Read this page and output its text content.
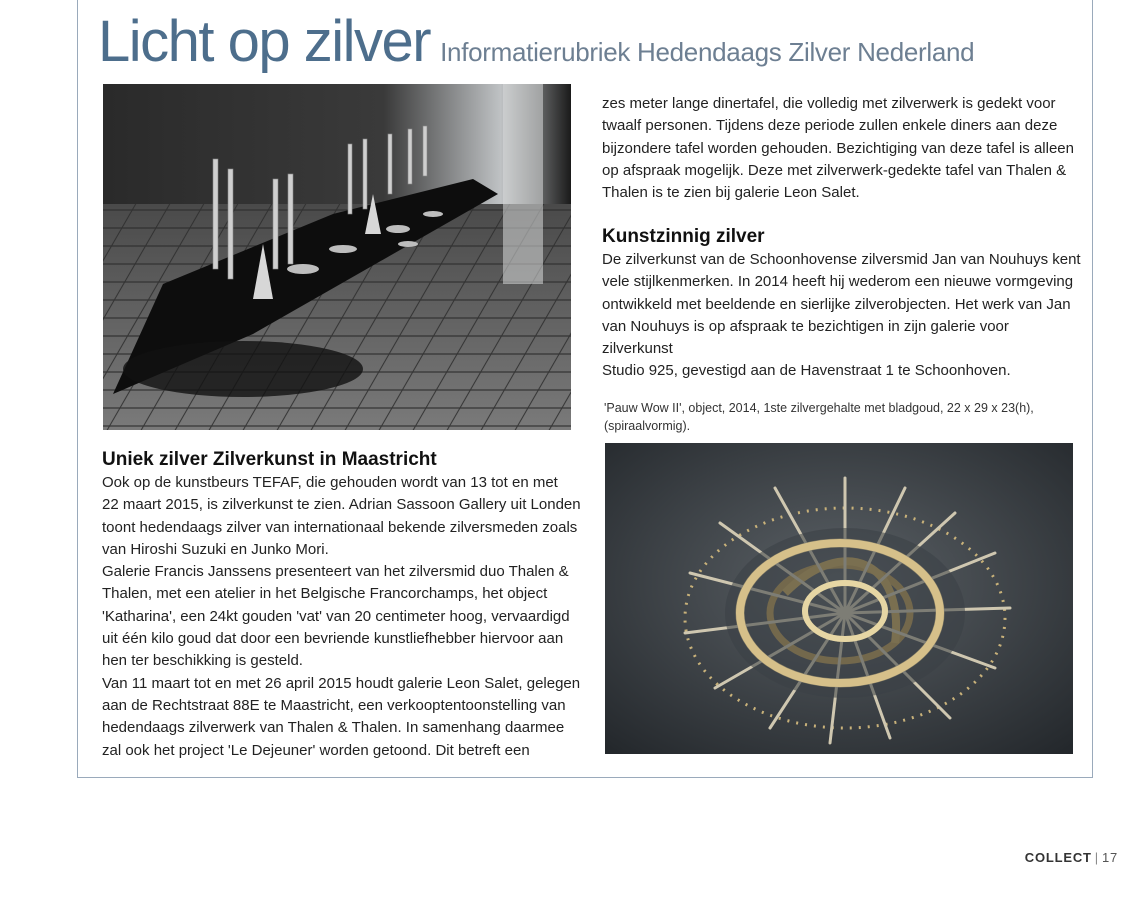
Licht op zilver Informatierubriek Hedendaags Zilver Nederland

zes meter lange dinertafel, die volledig met zilverwerk is gedekt voor
twaalf personen. Tijdens deze periode zullen enkele diners aan deze
bijzondere tafel worden gehouden. Bezichtiging van deze tafel is alleen
op afspraak mogelijk. Deze met zilverwerk-gedekte tafel van Thalen &
Thalen is te zien bij galerie Leon Salet.

Kunstzinnig zilver

De zilverkunst van de Schoonhovense zilversmid Jan van Nouhuys kent
vele stijlkenmerken. In 2014 heeft hij wederom een nieuwe vormgeving
ontwikkeld met beeldende en sierlijke zilverobjecten. Het werk van Jan
van Nouhuys is op afspraak te bezichtigen in zijn galerie voor zilverkunst
Studio 925, gevestigd aan de Havenstraat 1 te Schoonhoven.

'Pauw Wow II', object, 2014, 1ste zilvergehalte met bladgoud, 22 x 29 x 23(h),
(spiraalvormig).

Uniek zilver Zilverkunst in Maastricht

Ook op de kunstbeurs TEFAF, die gehouden wordt van 13 tot en met
22 maart 2015, is zilverkunst te zien. Adrian Sassoon Gallery uit Londen
toont hedendaags zilver van internationaal bekende zilversmeden zoals
van Hiroshi Suzuki en Junko Mori.
Galerie Francis Janssens presenteert van het zilversmid duo Thalen &
Thalen, met een atelier in het Belgische Francorchamps, het object
'Katharina', een 24kt gouden 'vat' van 20 centimeter hoog, vervaardigd
uit één kilo goud dat door een bevriende kunstliefhebber hiervoor aan
hen ter beschikking is gesteld.
Van 11 maart tot en met 26 april 2015 houdt galerie Leon Salet, gelegen
aan de Rechtstraat 88E te Maastricht, een verkooptentoonstelling van
hedendaags zilverwerk van Thalen & Thalen. In samenhang daarmee
zal ook het project 'Le Dejeuner' worden getoond. Dit betreft een

COLLECT | 17
